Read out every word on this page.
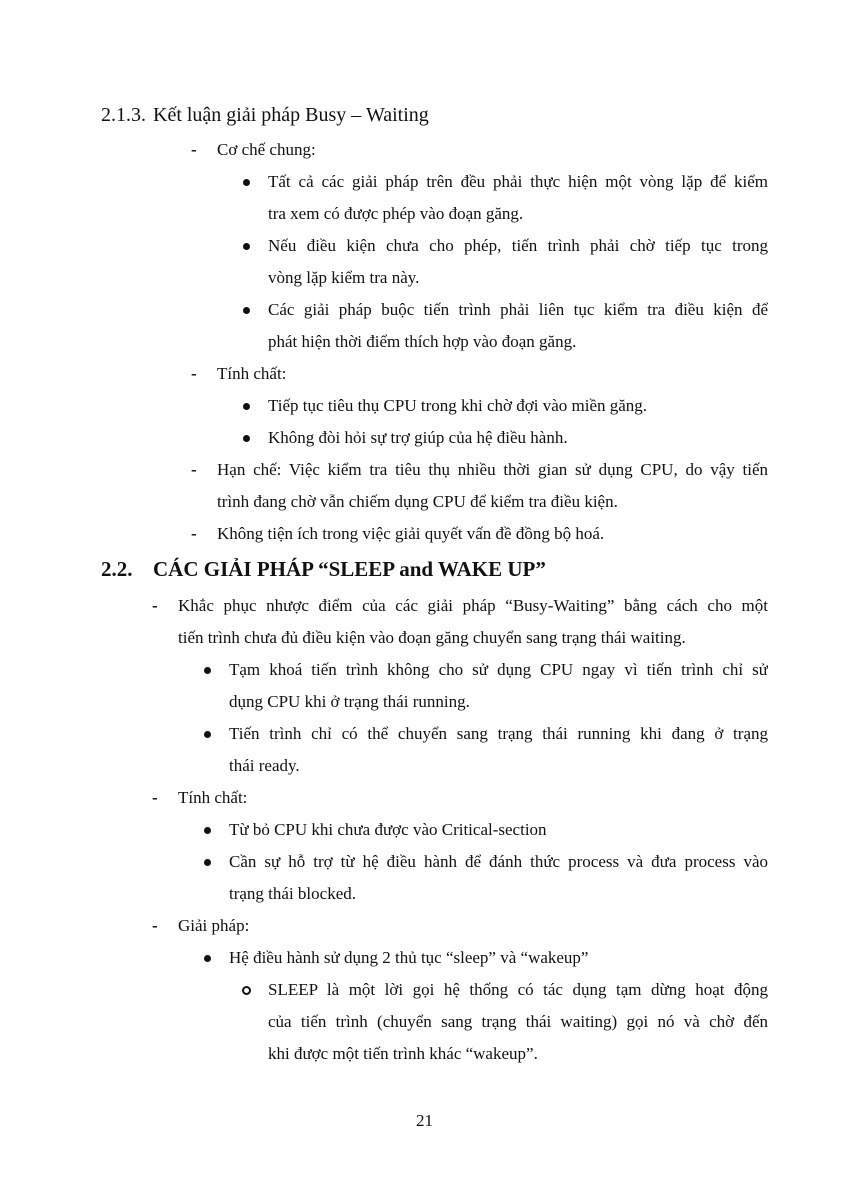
2.1.3. Kết luận giải pháp Busy – Waiting
- Cơ chế chung:
Tất cả các giải pháp trên đều phải thực hiện một vòng lặp để kiểm
tra xem có được phép vào đoạn găng.
Nếu điều kiện chưa cho phép, tiến trình phải chờ tiếp tục trong
vòng lặp kiểm tra này.
Các giải pháp buộc tiến trình phải liên tục kiểm tra điều kiện để
phát hiện thời điểm thích hợp vào đoạn găng.
- Tính chất:
Tiếp tục tiêu thụ CPU trong khi chờ đợi vào miền găng.
Không đòi hỏi sự trợ giúp của hệ điều hành.
- Hạn chế: Việc kiểm tra tiêu thụ nhiều thời gian sử dụng CPU, do vậy tiến
trình đang chờ vẫn chiếm dụng CPU để kiểm tra điều kiện.
- Không tiện ích trong việc giải quyết vấn đề đồng bộ hoá.
2.2. CÁC GIẢI PHÁP “SLEEP and WAKE UP”
- Khắc phục nhược điểm của các giải pháp “Busy-Waiting” bằng cách cho một
tiến trình chưa đủ điều kiện vào đoạn găng chuyển sang trạng thái waiting.
Tạm khoá tiến trình không cho sử dụng CPU ngay vì tiến trình chỉ sử
dụng CPU khi ở trạng thái running.
Tiến trình chỉ có thể chuyển sang trạng thái running khi đang ở trạng
thái ready.
- Tính chất:
Từ bỏ CPU khi chưa được vào Critical-section
Cần sự hỗ trợ từ hệ điều hành để đánh thức process và đưa process vào
trạng thái blocked.
- Giải pháp:
Hệ điều hành sử dụng 2 thủ tục “sleep” và “wakeup”
SLEEP là một lời gọi hệ thống có tác dụng tạm dừng hoạt động
của tiến trình (chuyển sang trạng thái waiting) gọi nó và chờ đến
khi được một tiến trình khác “wakeup”.
21
